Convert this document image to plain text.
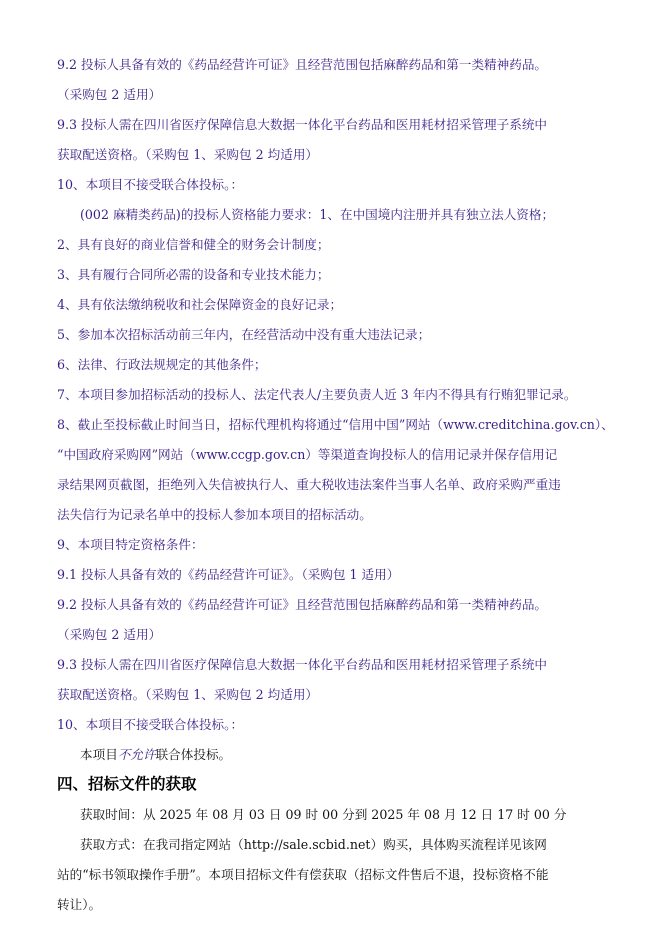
9.2 投标人具备有效的《药品经营许可证》且经营范围包括麻醉药品和第一类精神药品。
（采购包 2 适用）
9.3 投标人需在四川省医疗保障信息大数据一体化平台药品和医用耗材招采管理子系统中
获取配送资格。（采购包 1、采购包 2 均适用）
10、本项目不接受联合体投标。：
(002 麻精类药品)的投标人资格能力要求：1、在中国境内注册并具有独立法人资格；
2、具有良好的商业信誉和健全的财务会计制度；
3、具有履行合同所必需的设备和专业技术能力；
4、具有依法缴纳税收和社会保障资金的良好记录；
5、参加本次招标活动前三年内，在经营活动中没有重大违法记录；
6、法律、行政法规规定的其他条件；
7、本项目参加招标活动的投标人、法定代表人/主要负责人近 3 年内不得具有行贿犯罪记录。
8、截止至投标截止时间当日，招标代理机构将通过“信用中国”网站（www.creditchina.gov.cn）、
“中国政府采购网”网站（www.ccgp.gov.cn）等渠道查询投标人的信用记录并保存信用记
录结果网页截图，拒绝列入失信被执行人、重大税收违法案件当事人名单、政府采购严重违
法失信行为记录名单中的投标人参加本项目的招标活动。
9、本项目特定资格条件：
9.1 投标人具备有效的《药品经营许可证》。（采购包 1 适用）
9.2 投标人具备有效的《药品经营许可证》且经营范围包括麻醉药品和第一类精神药品。
（采购包 2 适用）
9.3 投标人需在四川省医疗保障信息大数据一体化平台药品和医用耗材招采管理子系统中
获取配送资格。（采购包 1、采购包 2 均适用）
10、本项目不接受联合体投标。：
本项目不允许联合体投标。
四、招标文件的获取
获取时间：从 2025 年 08 月 03 日 09 时 00 分到 2025 年 08 月 12 日 17 时 00 分
获取方式：在我司指定网站（http://sale.scbid.net）购买，具体购买流程详见该网
站的“标书领取操作手册”。本项目招标文件有偿获取（招标文件售后不退，投标资格不能
转让）。
